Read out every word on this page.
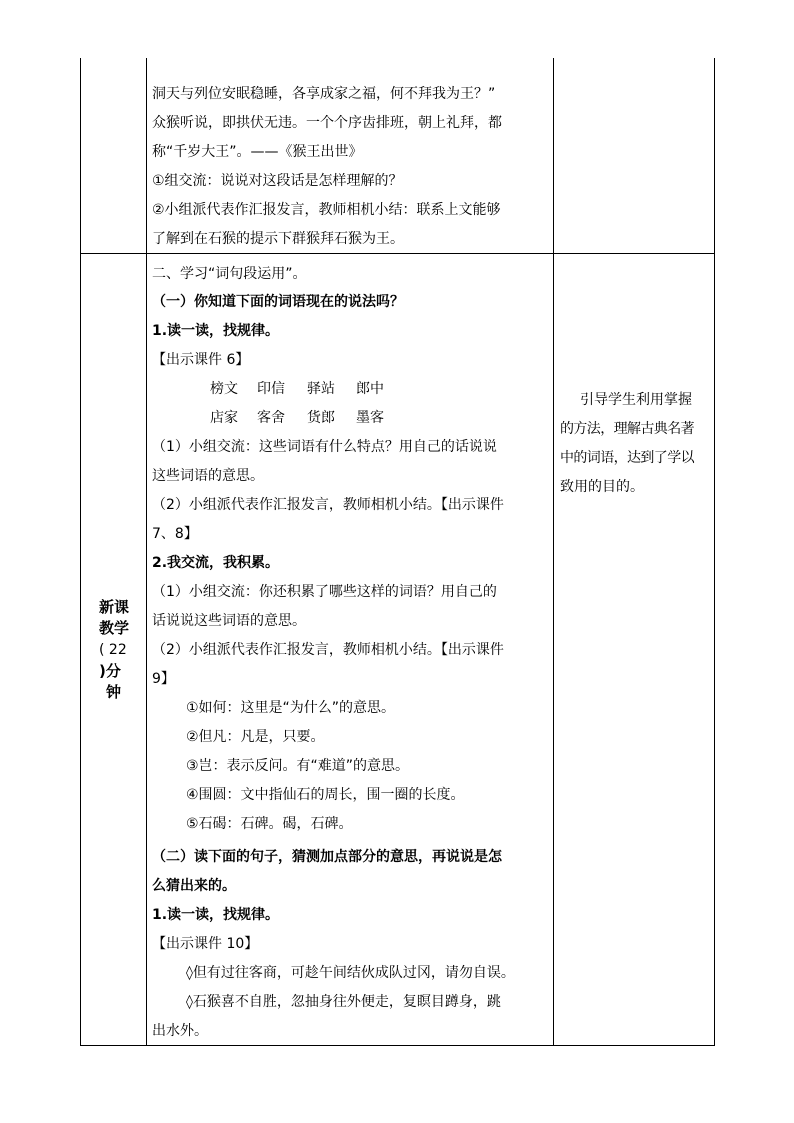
洞天与列位安眠稳睡，各享成家之福，何不拜我为王？”
众猴听说，即拱伏无违。一个个序齿排班，朝上礼拜，都
称“千岁大王”。——《猴王出世》
①组交流：说说对这段话是怎样理解的？
②小组派代表作汇报发言，教师相机小结：联系上文能够
了解到在石猴的提示下群猴拜石猴为王。
新课
教学
( 22
)分
钟
二、学习“词句段运用”。
（一）你知道下面的词语现在的说法吗？
1.读一读，找规律。
【出示课件 6】
榜文 印信 驿站 郎中
店家 客舍 货郎 墨客
（1）小组交流：这些词语有什么特点？用自己的话说说
这些词语的意思。
（2）小组派代表作汇报发言，教师相机小结。【出示课件
7、8】
2.我交流，我积累。
（1）小组交流：你还积累了哪些这样的词语？用自己的
话说说这些词语的意思。
（2）小组派代表作汇报发言，教师相机小结。【出示课件
9】
①如何：这里是“为什么”的意思。
②但凡：凡是，只要。
③岂：表示反问。有“难道”的意思。
④围圆：文中指仙石的周长，围一圈的长度。
⑤石碣：石碑。碣，石碑。
（二）读下面的句子，猜测加点部分的意思，再说说是怎
么猜出来的。
1.读一读，找规律。
【出示课件 10】
◊但有过往客商，可趁午间结伙成队过冈，请勿自误。
◊石猴喜不自胜，忽抽身往外便走，复瞑目蹲身，跳
出水外。
引导学生利用掌握
的方法，理解古典名著
中的词语，达到了学以
致用的目的。
